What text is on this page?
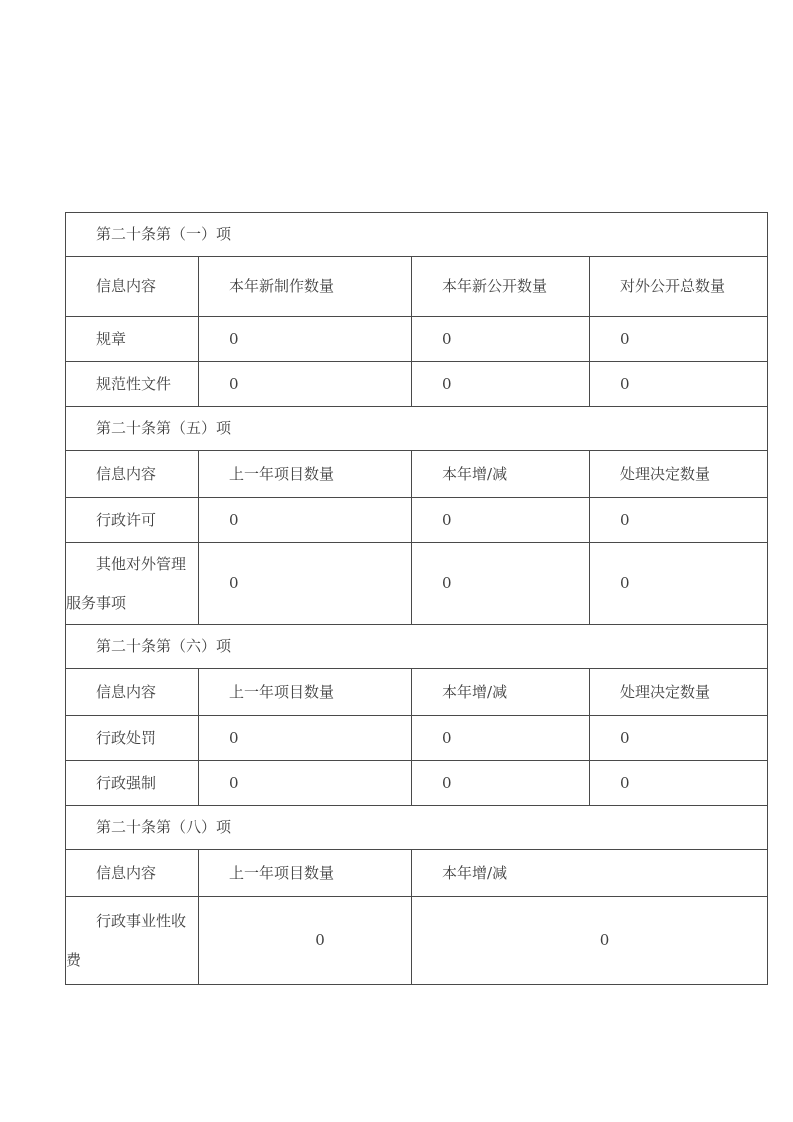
第二十条第（一）项			
信息内容	本年新制作数量	本年新公开数量	对外公开总数量
规章	0	0	0
规范性文件	0	0	0
第二十条第（五）项			
信息内容	上一年项目数量	本年增/减	处理决定数量
行政许可	0	0	0
其他对外管理服务事项	0	0	0
第二十条第（六）项			
信息内容	上一年项目数量	本年增/减	处理决定数量
行政处罚	0	0	0
行政强制	0	0	0
第二十条第（八）项			
信息内容	上一年项目数量	本年增/减	
行政事业性收费	0	0	
